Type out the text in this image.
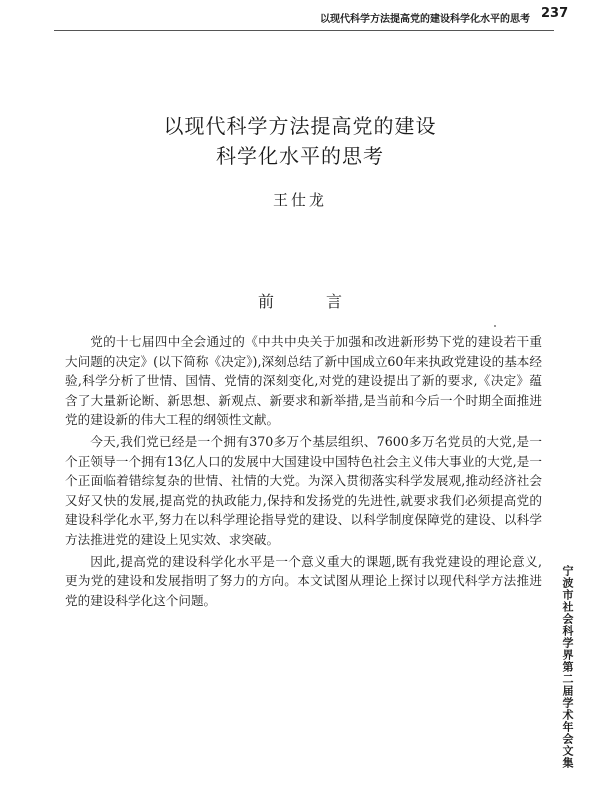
以现代科学方法提高党的建设科学化水平的思考 237
以现代科学方法提高党的建设
科学化水平的思考
王仕龙
前言

党的十七届四中全会通过的《中共中央关于加强和改进新形势下党的建设若干重大问题的决定》(以下简称《决定》),深刻总结了新中国成立60年来执政党建设的基本经验,科学分析了世情、国情、党情的深刻变化,对党的建设提出了新的要求,《决定》蕴含了大量新论断、新思想、新观点、新要求和新举措,是当前和今后一个时期全面推进党的建设新的伟大工程的纲领性文献。

今天,我们党已经是一个拥有370多万个基层组织、7600多万名党员的大党,是一个正领导一个拥有13亿人口的发展中大国建设中国特色社会主义伟大事业的大党,是一个正面临着错综复杂的世情、社情的大党。为深入贯彻落实科学发展观,推动经济社会又好又快的发展,提高党的执政能力,保持和发扬党的先进性,就要求我们必须提高党的建设科学化水平,努力在以科学理论指导党的建设、以科学制度保障党的建设、以科学方法推进党的建设上见实效、求突破。

因此,提高党的建设科学化水平是一个意义重大的课题,既有我党建设的理论意义,更为党的建设和发展指明了努力的方向。本文试图从理论上探讨以现代科学方法推进党的建设科学化这个问题。	宁波市社会科学界第二届学术年会文集
